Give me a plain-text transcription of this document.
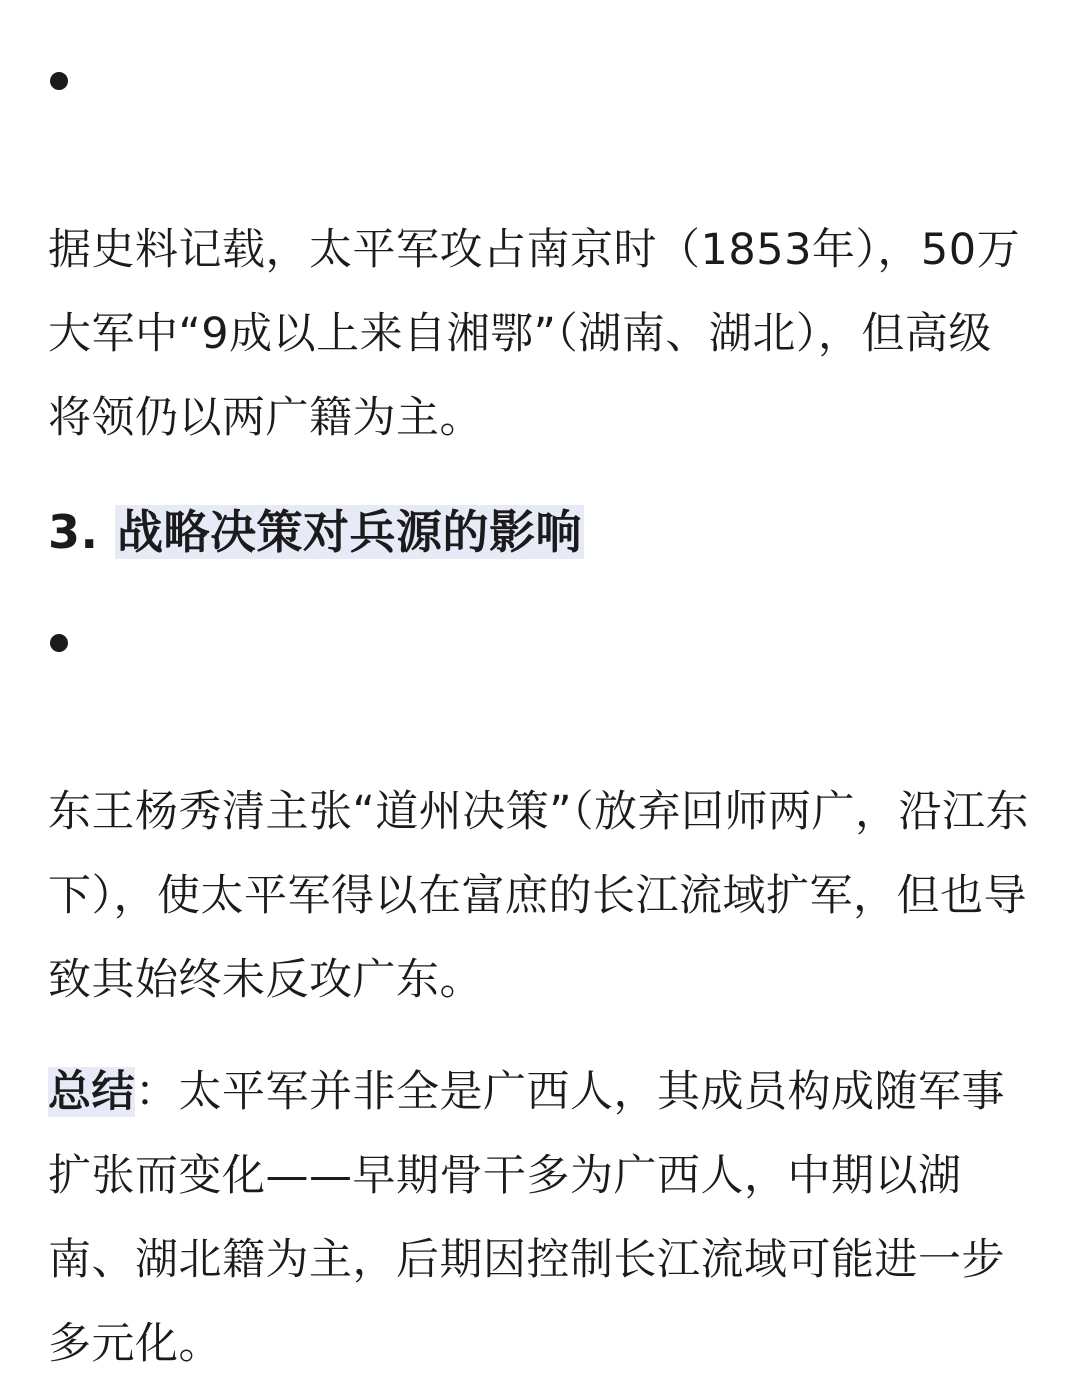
据史料记载，太平军攻占南京时（1853年），50万大军中“9成以上来自湘鄂”（湖南、湖北），但高级将领仍以两广籍为主。

3. 战略决策对兵源的影响

东王杨秀清主张“道州决策”（放弃回师两广，沿江东下），使太平军得以在富庶的长江流域扩军，但也导致其始终未反攻广东。

总结：太平军并非全是广西人，其成员构成随军事扩张而变化——早期骨干多为广西人，中期以湖南、湖北籍为主，后期因控制长江流域可能进一步多元化。
